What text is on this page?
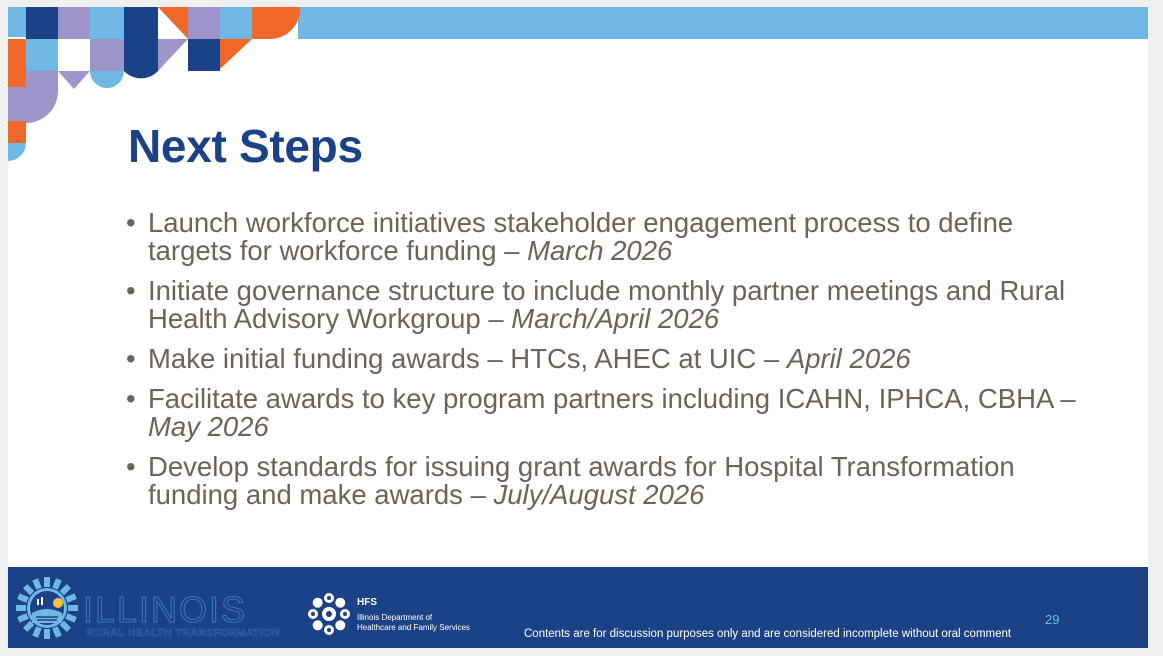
Next Steps
• Launch workforce initiatives stakeholder engagement process to define targets for workforce funding – March 2026
• Initiate governance structure to include monthly partner meetings and Rural Health Advisory Workgroup – March/April 2026
• Make initial funding awards – HTCs, AHEC at UIC – April 2026
• Facilitate awards to key program partners including ICAHN, IPHCA, CBHA – May 2026
• Develop standards for issuing grant awards for Hospital Transformation funding and make awards – July/August 2026
ILLINOIS
RURAL HEALTH TRANSFORMATION
HFS
Illinois Department of
Healthcare and Family Services
Contents are for discussion purposes only and are considered incomplete without oral comment
29
